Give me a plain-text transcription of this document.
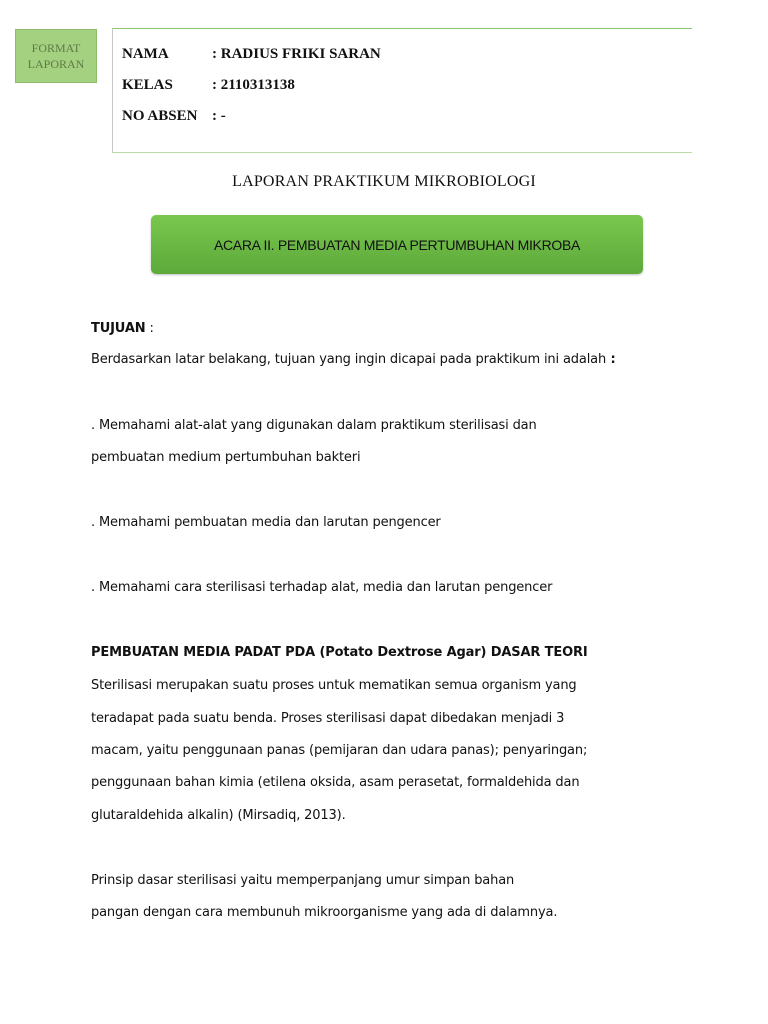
FORMAT
LAPORAN
NAMA	: RADIUS FRIKI SARAN
KELAS	: 2110313138
NO ABSEN : -
LAPORAN PRAKTIKUM MIKROBIOLOGI
ACARA II. PEMBUATAN MEDIA PERTUMBUHAN MIKROBA
TUJUAN :
Berdasarkan latar belakang, tujuan yang ingin dicapai pada praktikum ini adalah :
. Memahami alat-alat yang digunakan dalam praktikum sterilisasi dan
pembuatan medium pertumbuhan bakteri
. Memahami pembuatan media dan larutan pengencer
. Memahami cara sterilisasi terhadap alat, media dan larutan pengencer
PEMBUATAN MEDIA PADAT PDA (Potato Dextrose Agar) DASAR TEORI
Sterilisasi merupakan suatu proses untuk mematikan semua organism yang
teradapat pada suatu benda. Proses sterilisasi dapat dibedakan menjadi 3
macam, yaitu penggunaan panas (pemijaran dan udara panas); penyaringan;
penggunaan bahan kimia (etilena oksida, asam perasetat, formaldehida dan
glutaraldehida alkalin) (Mirsadiq, 2013).
Prinsip dasar sterilisasi yaitu memperpanjang umur simpan bahan
pangan dengan cara membunuh mikroorganisme yang ada di dalamnya.
